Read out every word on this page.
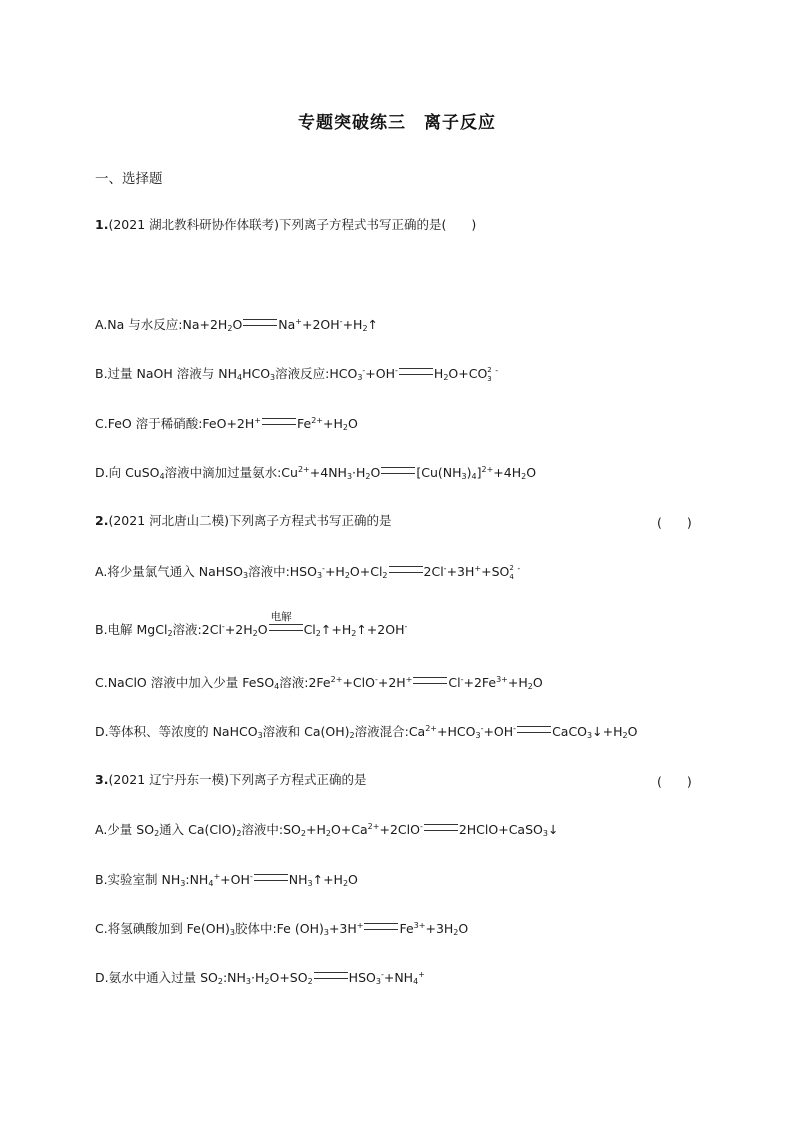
专题突破练三　离子反应
一、选择题
1.(2021 湖北教科研协作体联考)下列离子方程式书写正确的是(　　)
A.Na 与水反应$:Na+2H_2O$	$Na^++2OH^-+H_2↑$
B.过量 NaOH 溶液与 $NH_4HCO_3$溶液反应$:HCO_3^-+OH^-$	$H_2O+CO$ 2
3
-
C.FeO 溶于稀硝酸:FeO+2H+	$Fe^{2+}+H_2O$
D.向 CuSO$_4$溶液中滴加过量氨水$:Cu^{2+}+4NH_3\cdot H_2O$	$[Cu(NH_3)_4]^{2+}+4H_2O$
2.(2021 河北唐山二模)下列离子方程式书写正确的是	(　　)
A.将少量氯气通入 NaHSO$_3$溶液中$:HSO_3^-+H_2O+Cl_2$	2Cl-+3H++SO 2
4
-
B.电解 MgCl$_2$溶液$:2Cl^-+2H_2O$
电解
$Cl_2↑+H_2↑+2OH^-$
C.NaClO 溶液中加入少量 FeSO$_4$溶液$:2Fe^{2+}+ClO^-+2H^+$	$Cl^-+2Fe^{3+}+H_2O$
D.等体积、等浓度的 NaHCO$_3$溶液和 $Ca(OH)_2$溶液混合$:Ca^{2+}+HCO_3^-+OH^-$	$CaCO_3↓+H_2O$
3.(2021 辽宁丹东一模)下列离子方程式正确的是	(　　)
A.少量 $SO_2$通入 $Ca(ClO)_2$溶液中$:SO_2+H_2O+Ca^{2+}+2ClO^-$	2HClO+CaSO$_3$↓
B.实验室制 $NH_3:NH_4^++OH^-$	$NH_3↑+H_2O$
C.将氢碘酸加到 $Fe(OH)_3$胶体中:Fe $(OH)_3+3H^+$	$Fe^{3+}+3H_2O$
D.氨水中通入过量 $SO_2:NH_3\cdot H_2O+SO_2$	$HSO_3^-+NH_4^+$
